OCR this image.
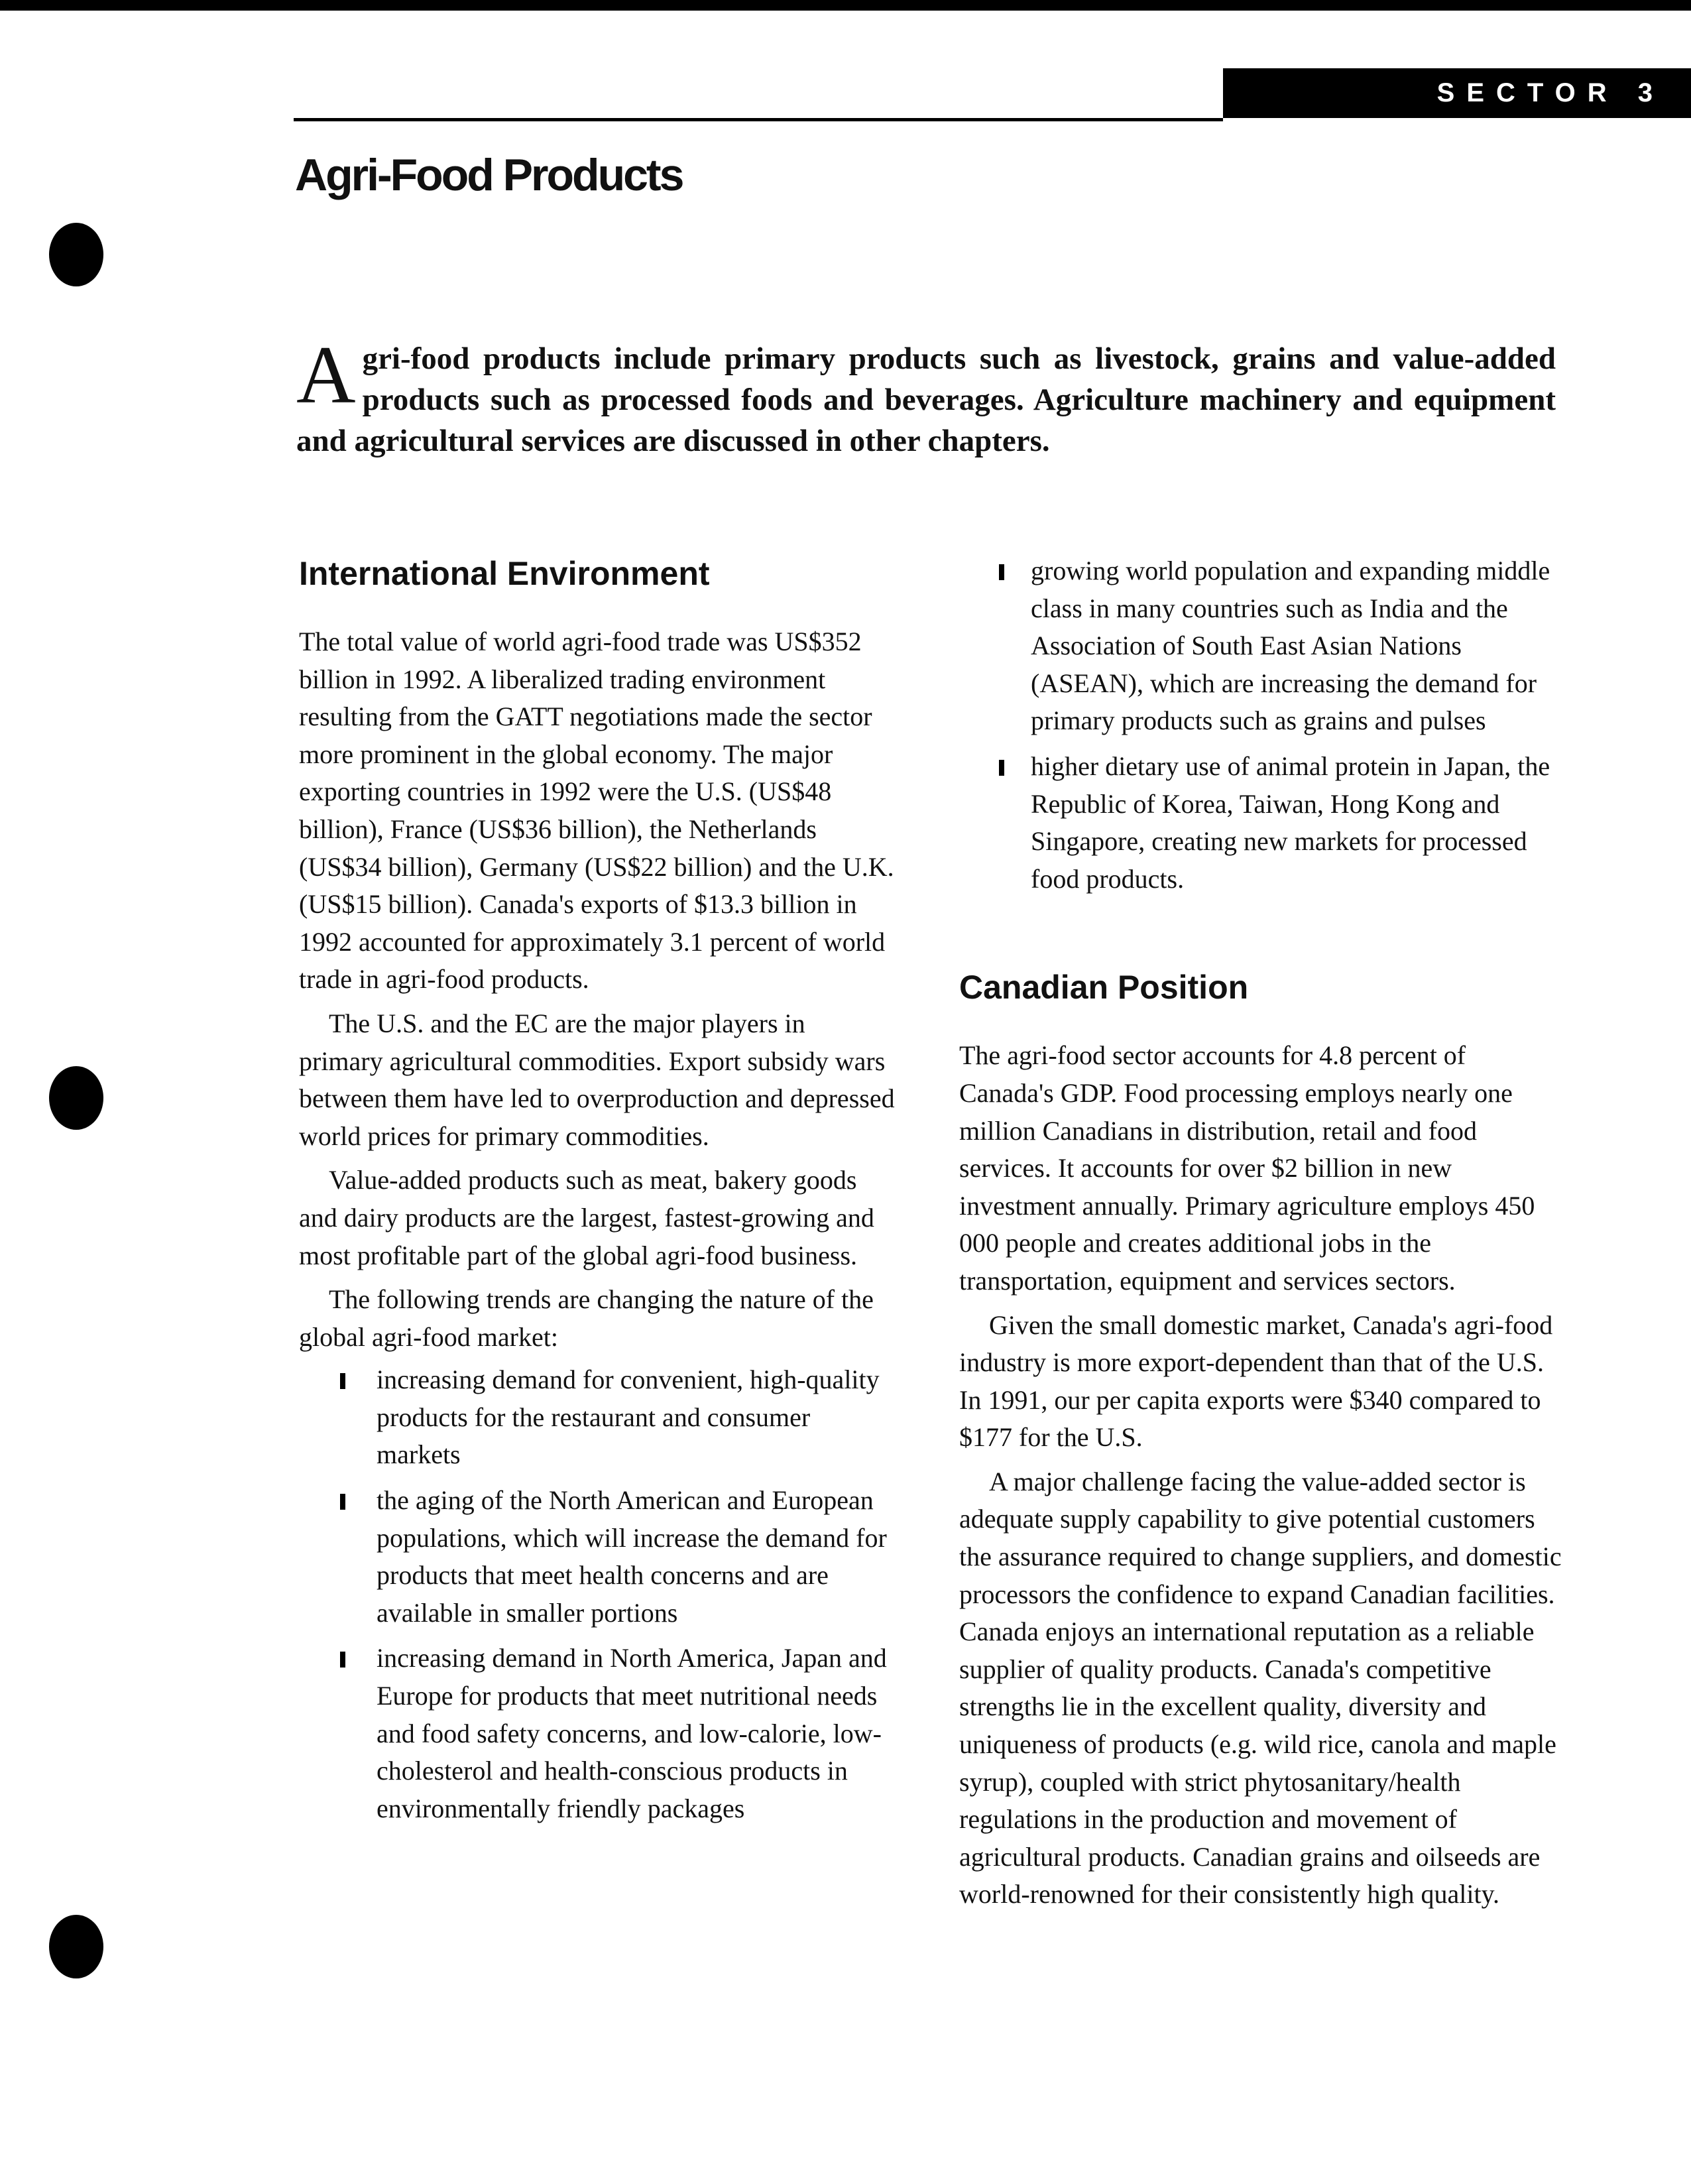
SECTOR 3
Agri-Food Products

A gri-food products include primary products such as livestock, grains and value-added products such as processed foods and beverages. Agriculture machinery and equipment
and agricultural services are discussed in other chapters.

International Environment

The total value of world agri-food trade was US$352 billion in 1992. A liberalized trading environment resulting from the GATT negotiations made the sector more prominent in the global economy. The major exporting countries in 1992 were the U.S. (US$48 billion), France (US$36 billion), the Netherlands (US$34 billion), Germany (US$22 billion) and the U.K. (US$15 billion). Canada's exports of $13.3 billion in 1992 accounted for approximately 3.1 percent of world trade in agri-food products.

The U.S. and the EC are the major players in primary agricultural commodities. Export subsidy wars between them have led to overproduction and depressed world prices for primary commodities.

Value-added products such as meat, bakery goods and dairy products are the largest, fastest-growing and most profitable part of the global agri-food business.

The following trends are changing the nature of the global agri-food market:

increasing demand for convenient, high-quality products for the restaurant and consumer markets
the aging of the North American and European populations, which will increase the demand for products that meet health concerns and are available in smaller portions
increasing demand in North America, Japan and Europe for products that meet nutritional needs and food safety concerns, and low-calorie, low-cholesterol and health-conscious products in environmentally friendly packages
growing world population and expanding middle class in many countries such as India and the Association of South East Asian Nations (ASEAN), which are increasing the demand for primary products such as grains and pulses
higher dietary use of animal protein in Japan, the Republic of Korea, Taiwan, Hong Kong and Singapore, creating new markets for processed food products.
Canadian Position

The agri-food sector accounts for 4.8 percent of Canada's GDP. Food processing employs nearly one million Canadians in distribution, retail and food services. It accounts for over $2 billion in new investment annually. Primary agriculture employs 450 000 people and creates additional jobs in the transportation, equipment and services sectors.

Given the small domestic market, Canada's agri-food industry is more export-dependent than that of the U.S. In 1991, our per capita exports were $340 compared to $177 for the U.S.

A major challenge facing the value-added sector is adequate supply capability to give potential customers the assurance required to change suppliers, and domestic processors the confidence to expand Canadian facilities. Canada enjoys an international reputation as a reliable supplier of quality products. Canada's competitive strengths lie in the excellent quality, diversity and uniqueness of products (e.g. wild rice, canola and maple syrup), coupled with strict phytosanitary/health regulations in the production and movement of agricultural products. Canadian grains and oilseeds are world-renowned for their consistently high quality.
